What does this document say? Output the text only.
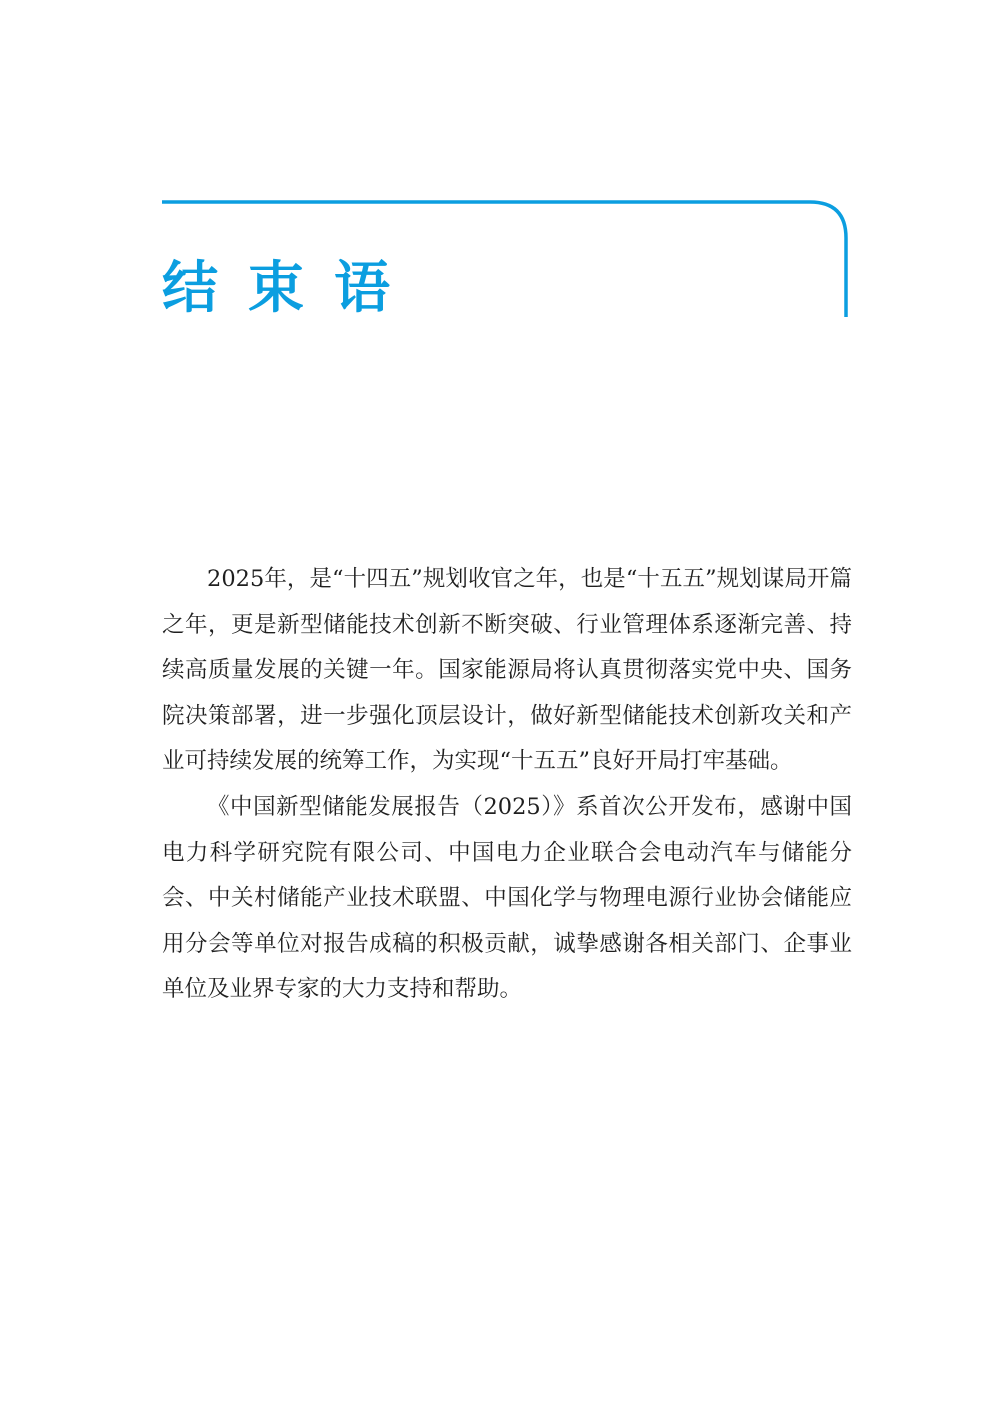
结束语

2025年，是“十四五”规划收官之年，也是“十五五”规划谋局开篇之年，更是新型储能技术创新不断突破、行业管理体系逐渐完善、持续高质量发展的关键一年。国家能源局将认真贯彻落实党中央、国务院决策部署，进一步强化顶层设计，做好新型储能技术创新攻关和产业可持续发展的统筹工作，为实现“十五五”良好开局打牢基础。

《中国新型储能发展报告（2025）》系首次公开发布，感谢中国电力科学研究院有限公司、中国电力企业联合会电动汽车与储能分会、中关村储能产业技术联盟、中国化学与物理电源行业协会储能应用分会等单位对报告成稿的积极贡献，诚挚感谢各相关部门、企事业单位及业界专家的大力支持和帮助。
